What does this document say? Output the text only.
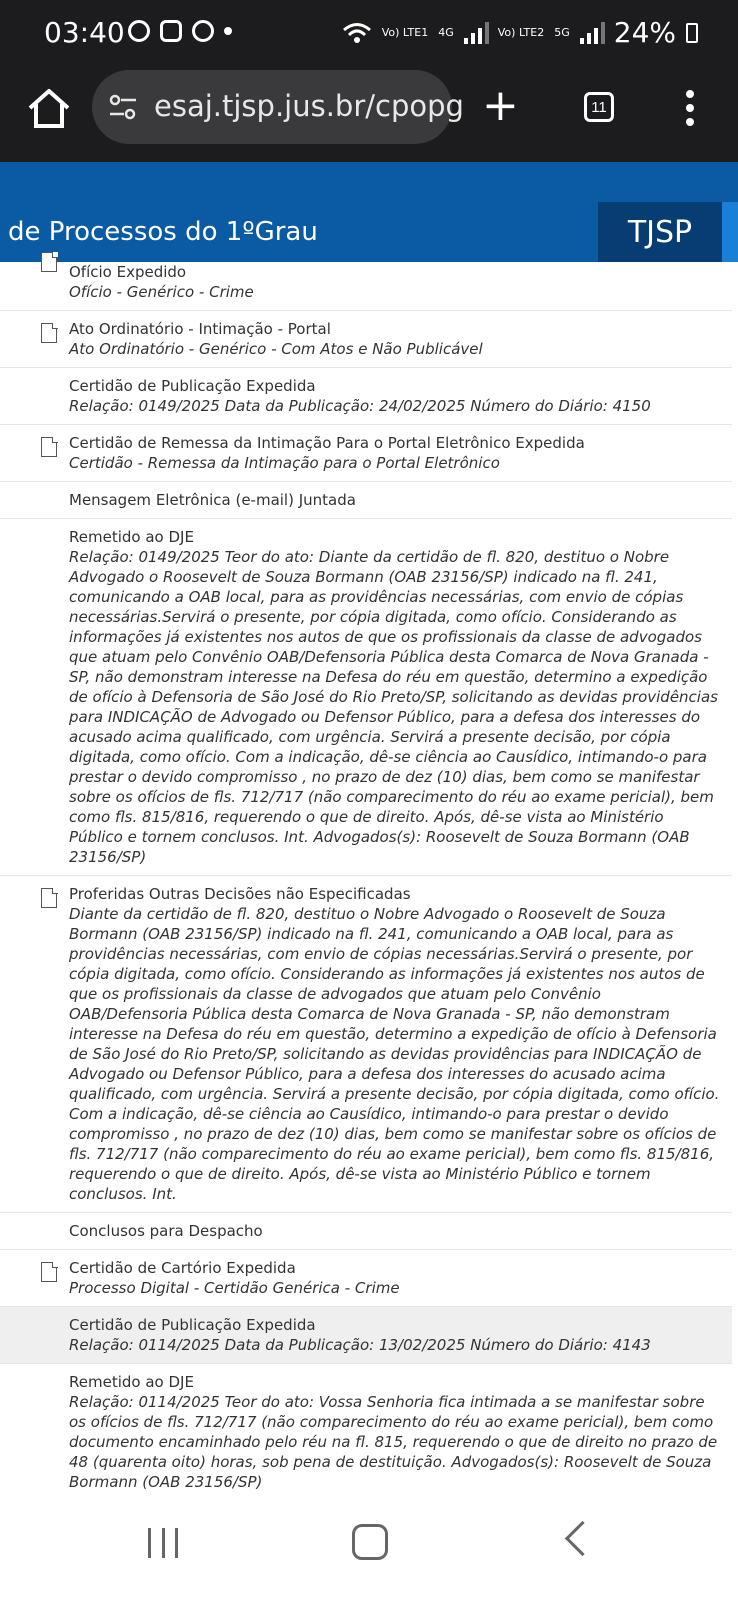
03:40	Vo) LTE1 4G	Vo) LTE2 5G 24%
esaj.tjsp.jus.br/cpopg +	11
de Processos do 1ºGrau	TJSP
Ofício Expedido
Ofício - Genérico - Crime
Ato Ordinatório - Intimação - Portal
Ato Ordinatório - Genérico - Com Atos e Não Publicável
Certidão de Publicação Expedida
Relação: 0149/2025 Data da Publicação: 24/02/2025 Número do Diário: 4150
Certidão de Remessa da Intimação Para o Portal Eletrônico Expedida
Certidão - Remessa da Intimação para o Portal Eletrônico
Mensagem Eletrônica (e-mail) Juntada
Remetido ao DJE
Relação: 0149/2025 Teor do ato: Diante da certidão de fl. 820, destituo o Nobre Advogado o Roosevelt de Souza Bormann (OAB 23156/SP) indicado na fl. 241, comunicando a OAB local, para as providências necessárias, com envio de cópias necessárias.Servirá o presente, por cópia digitada, como ofício. Considerando as informações já existentes nos autos de que os profissionais da classe de advogados que atuam pelo Convênio OAB/Defensoria Pública desta Comarca de Nova Granada - SP, não demonstram interesse na Defesa do réu em questão, determino a expedição de ofício à Defensoria de São José do Rio Preto/SP, solicitando as devidas providências para INDICAÇÃO de Advogado ou Defensor Público, para a defesa dos interesses do acusado acima qualificado, com urgência. Servirá a presente decisão, por cópia digitada, como ofício. Com a indicação, dê-se ciência ao Causídico, intimando-o para prestar o devido compromisso , no prazo de dez (10) dias, bem como se manifestar sobre os ofícios de fls. 712/717 (não comparecimento do réu ao exame pericial), bem como fls. 815/816, requerendo o que de direito. Após, dê-se vista ao Ministério Público e tornem conclusos. Int. Advogados(s): Roosevelt de Souza Bormann (OAB 23156/SP)
Proferidas Outras Decisões não Especificadas
Diante da certidão de fl. 820, destituo o Nobre Advogado o Roosevelt de Souza Bormann (OAB 23156/SP) indicado na fl. 241, comunicando a OAB local, para as providências necessárias, com envio de cópias necessárias.Servirá o presente, por cópia digitada, como ofício. Considerando as informações já existentes nos autos de que os profissionais da classe de advogados que atuam pelo Convênio OAB/Defensoria Pública desta Comarca de Nova Granada - SP, não demonstram interesse na Defesa do réu em questão, determino a expedição de ofício à Defensoria de São José do Rio Preto/SP, solicitando as devidas providências para INDICAÇÃO de Advogado ou Defensor Público, para a defesa dos interesses do acusado acima qualificado, com urgência. Servirá a presente decisão, por cópia digitada, como ofício. Com a indicação, dê-se ciência ao Causídico, intimando-o para prestar o devido compromisso , no prazo de dez (10) dias, bem como se manifestar sobre os ofícios de fls. 712/717 (não comparecimento do réu ao exame pericial), bem como fls. 815/816, requerendo o que de direito. Após, dê-se vista ao Ministério Público e tornem conclusos. Int.
Conclusos para Despacho
Certidão de Cartório Expedida
Processo Digital - Certidão Genérica - Crime
Certidão de Publicação Expedida
Relação: 0114/2025 Data da Publicação: 13/02/2025 Número do Diário: 4143
Remetido ao DJE
Relação: 0114/2025 Teor do ato: Vossa Senhoria fica intimada a se manifestar sobre os ofícios de fls. 712/717 (não comparecimento do réu ao exame pericial), bem como documento encaminhado pelo réu na fl. 815, requerendo o que de direito no prazo de 48 (quarenta oito) horas, sob pena de destituição. Advogados(s): Roosevelt de Souza Bormann (OAB 23156/SP)
